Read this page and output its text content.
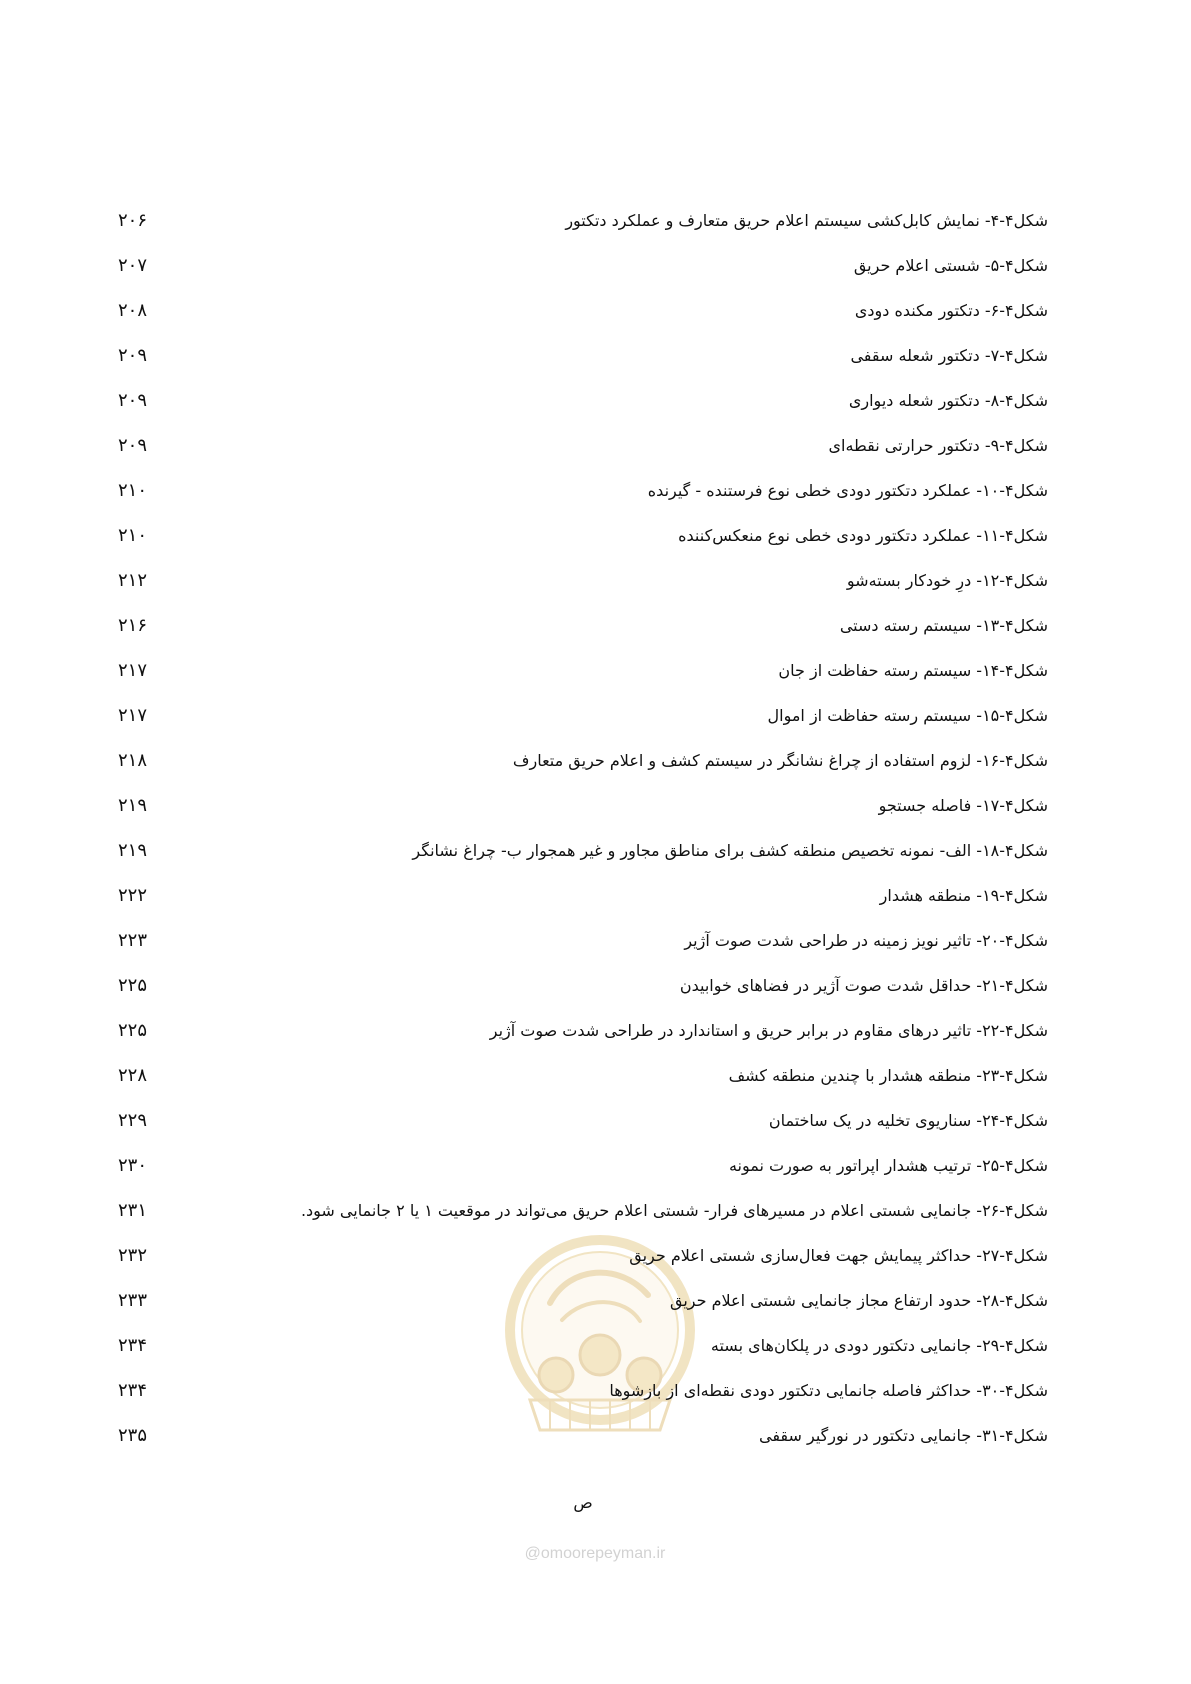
۲۰۶	شکل۴-۴- نمایش کابل‌کشی سیستم اعلام حریق متعارف و عملکرد دتکتور
۲۰۷	شکل۴-۵- شستی اعلام حریق
۲۰۸	شکل۴-۶- دتکتور مکنده دودی
۲۰۹	شکل۴-۷- دتکتور شعله سقفی
۲۰۹	شکل۴-۸- دتکتور شعله دیواری
۲۰۹	شکل۴-۹- دتکتور حرارتی نقطه‌ای
۲۱۰	شکل۴-۱۰- عملکرد دتکتور دودی خطی نوع فرستنده - گیرنده
۲۱۰	شکل۴-۱۱- عملکرد دتکتور دودی خطی نوع منعکس‌کننده
۲۱۲	شکل۴-۱۲- درِ خودکار بسته‌شو
۲۱۶	شکل۴-۱۳- سیستم رسته دستی
۲۱۷	شکل۴-۱۴- سیستم رسته حفاظت از جان
۲۱۷	شکل۴-۱۵- سیستم رسته حفاظت از اموال
۲۱۸	شکل۴-۱۶- لزوم استفاده از چراغ نشانگر در سیستم کشف و اعلام حریق متعارف
۲۱۹	شکل۴-۱۷- فاصله جستجو
۲۱۹	شکل۴-۱۸- الف- نمونه تخصیص منطقه کشف برای مناطق مجاور و غیر همجوار ب- چراغ نشانگر
۲۲۲	شکل۴-۱۹- منطقه هشدار
۲۲۳	شکل۴-۲۰- تاثیر نویز زمینه در طراحی شدت صوت آژیر
۲۲۵	شکل۴-۲۱- حداقل شدت صوت آژیر در فضاهای خوابیدن
۲۲۵	شکل۴-۲۲- تاثیر درهای مقاوم در برابر حریق و استاندارد در طراحی شدت صوت آژیر
۲۲۸	شکل۴-۲۳- منطقه هشدار با چندین منطقه کشف
۲۲۹	شکل۴-۲۴- سناریوی تخلیه در یک ساختمان
۲۳۰	شکل۴-۲۵- ترتیب هشدار اپراتور به صورت نمونه
۲۳۱	شکل۴-۲۶- جانمایی شستی اعلام در مسیرهای فرار- شستی اعلام حریق می‌تواند در موقعیت ۱ یا ۲ جانمایی شود.
۲۳۲	شکل۴-۲۷- حداکثر پیمایش جهت فعال‌سازی شستی اعلام حریق
۲۳۳	شکل۴-۲۸- حدود ارتفاع مجاز جانمایی شستی اعلام حریق
۲۳۴	شکل۴-۲۹- جانمایی دتکتور دودی در پلکان‌های بسته
۲۳۴	شکل۴-۳۰- حداکثر فاصله جانمایی دتکتور دودی نقطه‌ای از بازشوها
۲۳۵	شکل۴-۳۱- جانمایی دتکتور در نورگیر سقفی
ص
@omoorepeyman.ir
